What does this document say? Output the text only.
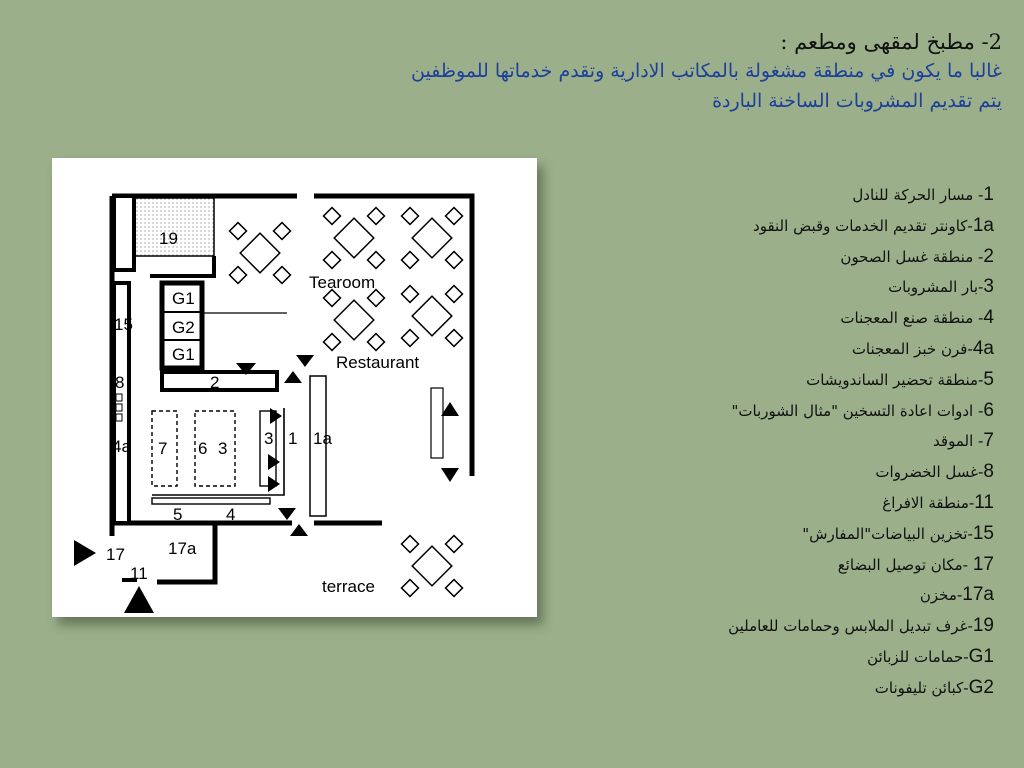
2- مطبخ لمقهى ومطعم :
غالبا ما يكون في منطقة مشغولة بالمكاتب الادارية وتقدم خدماتها للموظفين
يتم تقديم المشروبات الساخنة الباردة
Tearoom
Restaurant
terrace
19
G1
G2
G1
15
8	2
4a 7 6 3
3 1 1a
5	4
17	17a
11
1- مسار الحركة للنادل
1a-كاونتر تقديم الخدمات وقبض النقود
2- منطقة غسل الصحون
3-بار المشروبات
4- منطقة صنع المعجنات
4a-فرن خبز المعجنات
5-منطقة تحضير الساندويشات
6- ادوات اعادة التسخين "مثال الشوربات"
7- الموقد
8-غسل الخضروات
11-منطقة الافراغ
15-تخزين البياضات"المفارش"
17 -مكان توصيل البضائع
17a-مخزن
19-غرف تبديل الملابس وحمامات للعاملين
G1-حمامات للزبائن
G2-كبائن تليفونات
